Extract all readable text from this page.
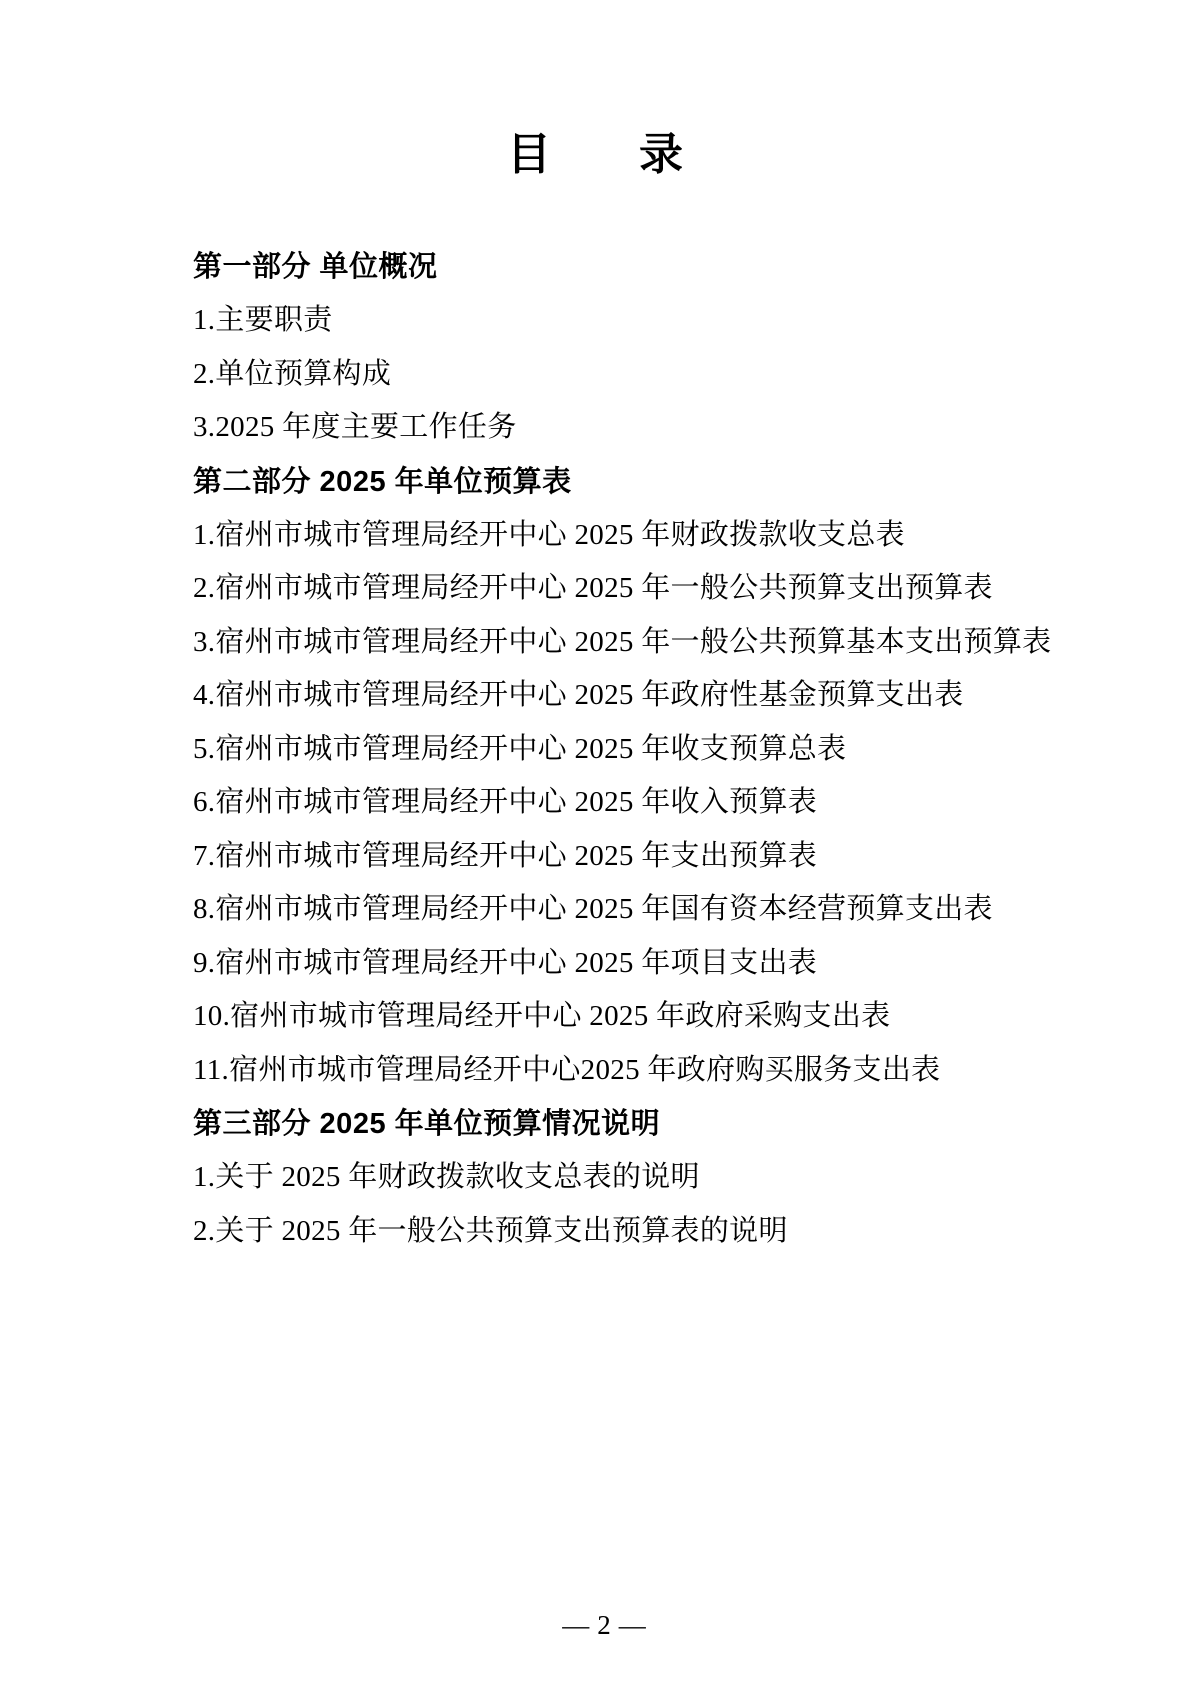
目　录
第一部分 单位概况
1.主要职责
2.单位预算构成
3.2025 年度主要工作任务
第二部分 2025 年单位预算表
1.宿州市城市管理局经开中心 2025 年财政拨款收支总表
2.宿州市城市管理局经开中心 2025 年一般公共预算支出预算表
3.宿州市城市管理局经开中心 2025 年一般公共预算基本支出预算表
4.宿州市城市管理局经开中心 2025 年政府性基金预算支出表
5.宿州市城市管理局经开中心 2025 年收支预算总表
6.宿州市城市管理局经开中心 2025 年收入预算表
7.宿州市城市管理局经开中心 2025 年支出预算表
8.宿州市城市管理局经开中心 2025 年国有资本经营预算支出表
9.宿州市城市管理局经开中心 2025 年项目支出表
10.宿州市城市管理局经开中心 2025 年政府采购支出表
11.宿州市城市管理局经开中心2025 年政府购买服务支出表
第三部分 2025 年单位预算情况说明
1.关于 2025 年财政拨款收支总表的说明
2.关于 2025 年一般公共预算支出预算表的说明
— 2 —
